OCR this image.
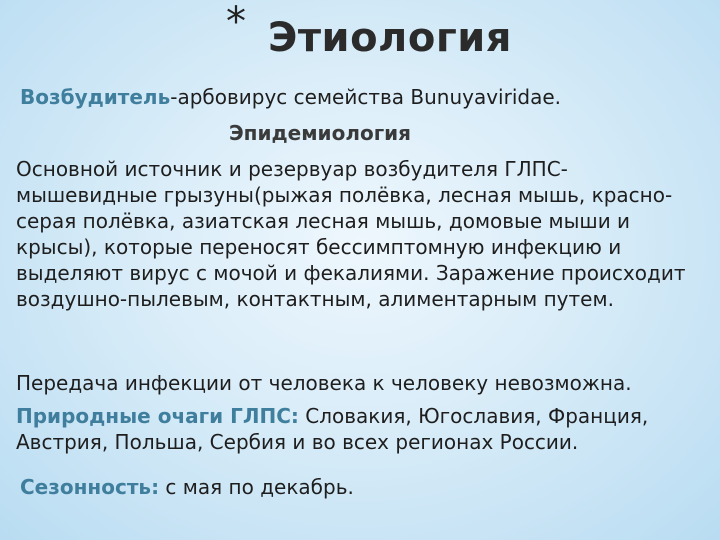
* Этиология
Возбудитель-арбовирус семейства Bunuyaviridae.
Эпидемиология
Основной источник и резервуар возбудителя ГЛПС-мышевидные грызуны(рыжая полёвка, лесная мышь, красно-серая полёвка, азиатская лесная мышь, домовые мыши и крысы), которые переносят бессимптомную инфекцию и выделяют вирус с мочой и фекалиями. Заражение происходит воздушно-пылевым, контактным, алиментарным путем.
Передача инфекции от человека к человеку невозможна.
Природные очаги ГЛПС: Словакия, Югославия, Франция, Австрия, Польша, Сербия и во всех регионах России.
Сезонность: с мая по декабрь.
